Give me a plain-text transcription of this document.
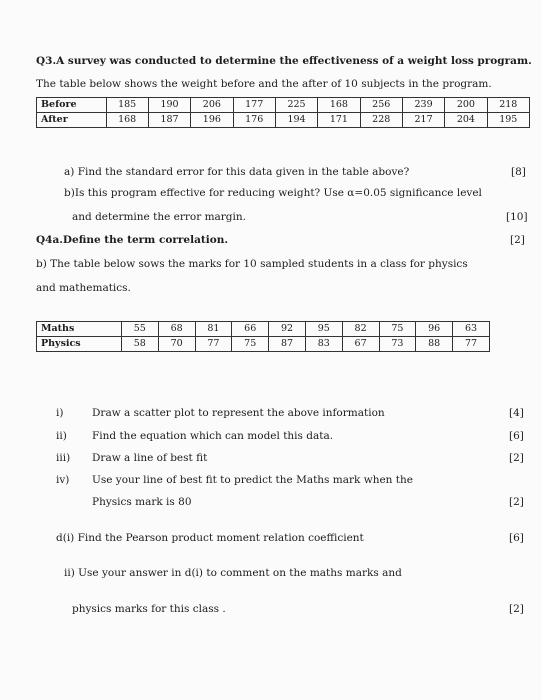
Q3.A survey was conducted to determine the effectiveness of a weight loss program.
The table below shows the weight before and the after of 10 subjects in the program.
Before	185	190	206	177	225	168	256	239	200	218
After	168	187	196	176	194	171	228	217	204	195
a) Find the standard error for this data given in the table above?	[8]
b)Is this program effective for reducing weight? Use α=0.05 significance level
and determine the error margin.	[10]
Q4a.Define the term correlation.	[2]
b) The table below sows the marks for 10 sampled students in a class for physics
and mathematics.
Maths	55	68	81	66	92	95	82	75	96	63
Physics	58	70	77	75	87	83	67	73	88	77
i)	Draw a scatter plot to represent the above information	[4]
ii) Find the equation which can model this data.	[6]
iii) Draw a line of best fit	[2]
iv) Use your line of best fit to predict the Maths mark when the
Physics mark is 80	[2]
d(i) Find the Pearson product moment relation coefficient	[6]
ii) Use your answer in d(i) to comment on the maths marks and
physics marks for this class .	[2]
